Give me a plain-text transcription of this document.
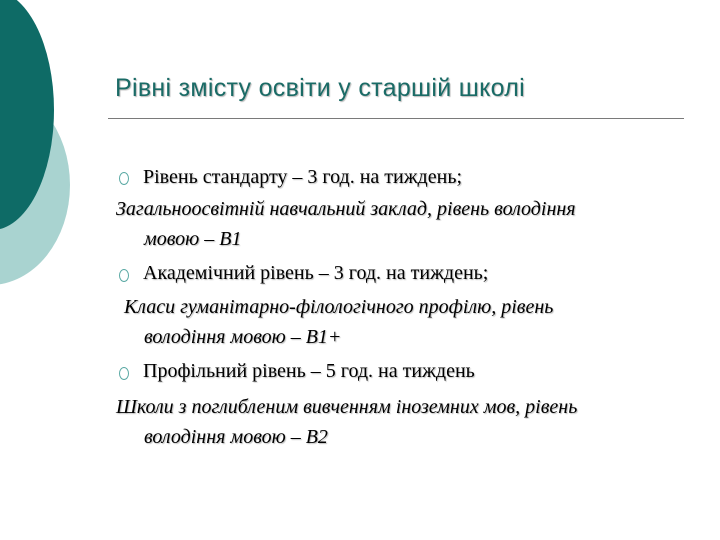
Рівні змісту освіти у старшій школі
Рівень стандарту – 3 год. на тиждень;
Загальноосвітній навчальний заклад, рівень володіння
мовою – В1
Академічний рівень – 3 год. на тиждень;
Класи гуманітарно-філологічного профілю, рівень
володіння мовою – В1+
Профільний рівень – 5 год. на тиждень
Школи з поглибленим вивченням іноземних мов, рівень
володіння мовою – В2
